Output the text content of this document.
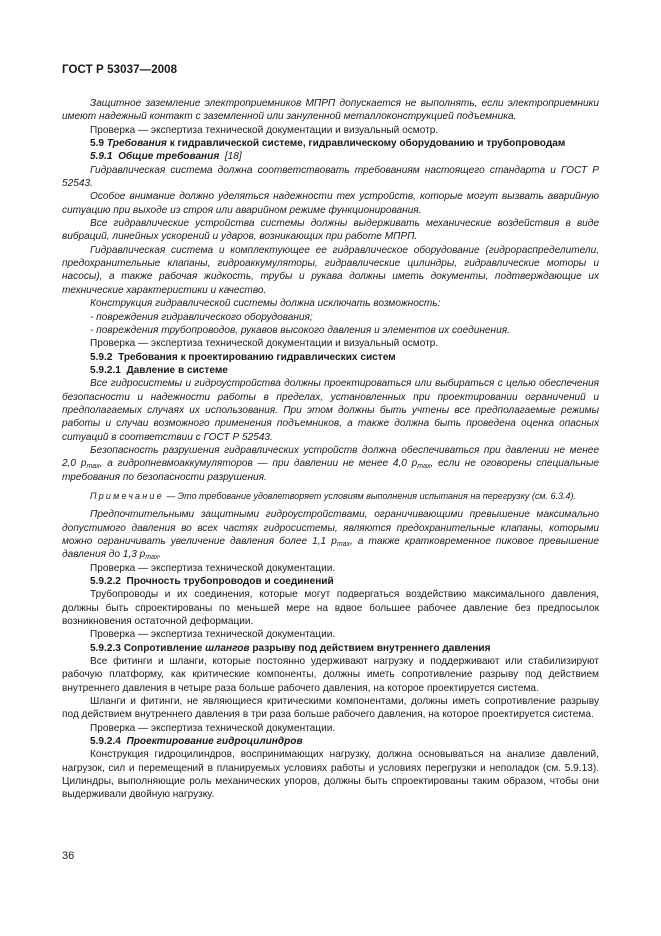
ГОСТ Р 53037—2008

Защитное заземление электроприемников МПРП допускается не выполнять, если электроприемники имеют надежный контакт с заземленной или зануленной металлоконструкцией подъемника.

Проверка — экспертиза технической документации и визуальный осмотр.

5.9 Требования к гидравлической системе, гидравлическому оборудованию и трубопроводам

5.9.1 Общие требования [18]

Гидравлическая система должна соответствовать требованиям настоящего стандарта и ГОСТ Р 52543.

Особое внимание должно уделяться надежности тех устройств, которые могут вызвать аварийную ситуацию при выходе из строя или аварийном режиме функционирования.

Все гидравлические устройства системы должны выдерживать механические воздействия в виде вибраций, линейных ускорений и ударов, возникающих при работе МПРП.

Гидравлическая система и комплектующее ее гидравлическое оборудование (гидрораспределители, предохранительные клапаны, гидроаккумуляторы, гидравлические цилиндры, гидравлические моторы и насосы), а также рабочая жидкость, трубы и рукава должны иметь документы, подтверждающие их технические характеристики и качество.

Конструкция гидравлической системы должна исключать возможность:

- повреждения гидравлического оборудования;

- повреждения трубопроводов, рукавов высокого давления и элементов их соединения.

Проверка — экспертиза технической документации и визуальный осмотр.

5.9.2 Требования к проектированию гидравлических систем

5.9.2.1 Давление в системе

Все гидросистемы и гидроустройства должны проектироваться или выбираться с целью обеспечения безопасности и надежности работы в пределах, установленных при проектировании ограничений и предполагаемых случаях их использования. При этом должны быть учтены все предполагаемые режимы работы и случаи возможного применения подъемников, а также должна быть проведена оценка опасных ситуаций в соответствии с ГОСТ Р 52543.

Безопасность разрушения гидравлических устройств должна обеспечиваться при давлении не менее 2,0 $p_{max}$, а гидропневмоаккумуляторов — при давлении не менее 4,0 $p_{max}$, если не оговорены специальные требования по безопасности разрушения.

Примечание — Это требование удовлетворяет условиям выполнения испытания на перегрузку (см. 6.3.4).

Предпочтительными защитными гидроустройствами, ограничивающими превышение максимально допустимого давления во всех частях гидросистемы, являются предохранительные клапаны, которыми можно ограничивать увеличение давления более 1,1 $p_{max}$, а также кратковременное пиковое превышение давления до 1,3 $p_{max}$.

Проверка — экспертиза технической документации.

5.9.2.2 Прочность трубопроводов и соединений

Трубопроводы и их соединения, которые могут подвергаться воздействию максимального давления, должны быть спроектированы по меньшей мере на вдвое большее рабочее давление без предпосылок возникновения остаточной деформации.

Проверка — экспертиза технической документации.

5.9.2.3 Сопротивление шлангов разрыву под действием внутреннего давления

Все фитинги и шланги, которые постоянно удерживают нагрузку и поддерживают или стабилизируют рабочую платформу, как критические компоненты, должны иметь сопротивление разрыву под действием внутреннего давления в четыре раза больше рабочего давления, на которое проектируется система.

Шланги и фитинги, не являющиеся критическими компонентами, должны иметь сопротивление разрыву под действием внутреннего давления в три раза больше рабочего давления, на которое проектируется система.

Проверка — экспертиза технической документации.

5.9.2.4 Проектирование гидроцилиндров

Конструкция гидроцилиндров, воспринимающих нагрузку, должна основываться на анализе давлений, нагрузок, сил и перемещений в планируемых условиях работы и условиях перегрузки и неполадок (см. 5.9.13). Цилиндры, выполняющие роль механических упоров, должны быть спроектированы таким образом, чтобы они выдерживали двойную нагрузку.

36
